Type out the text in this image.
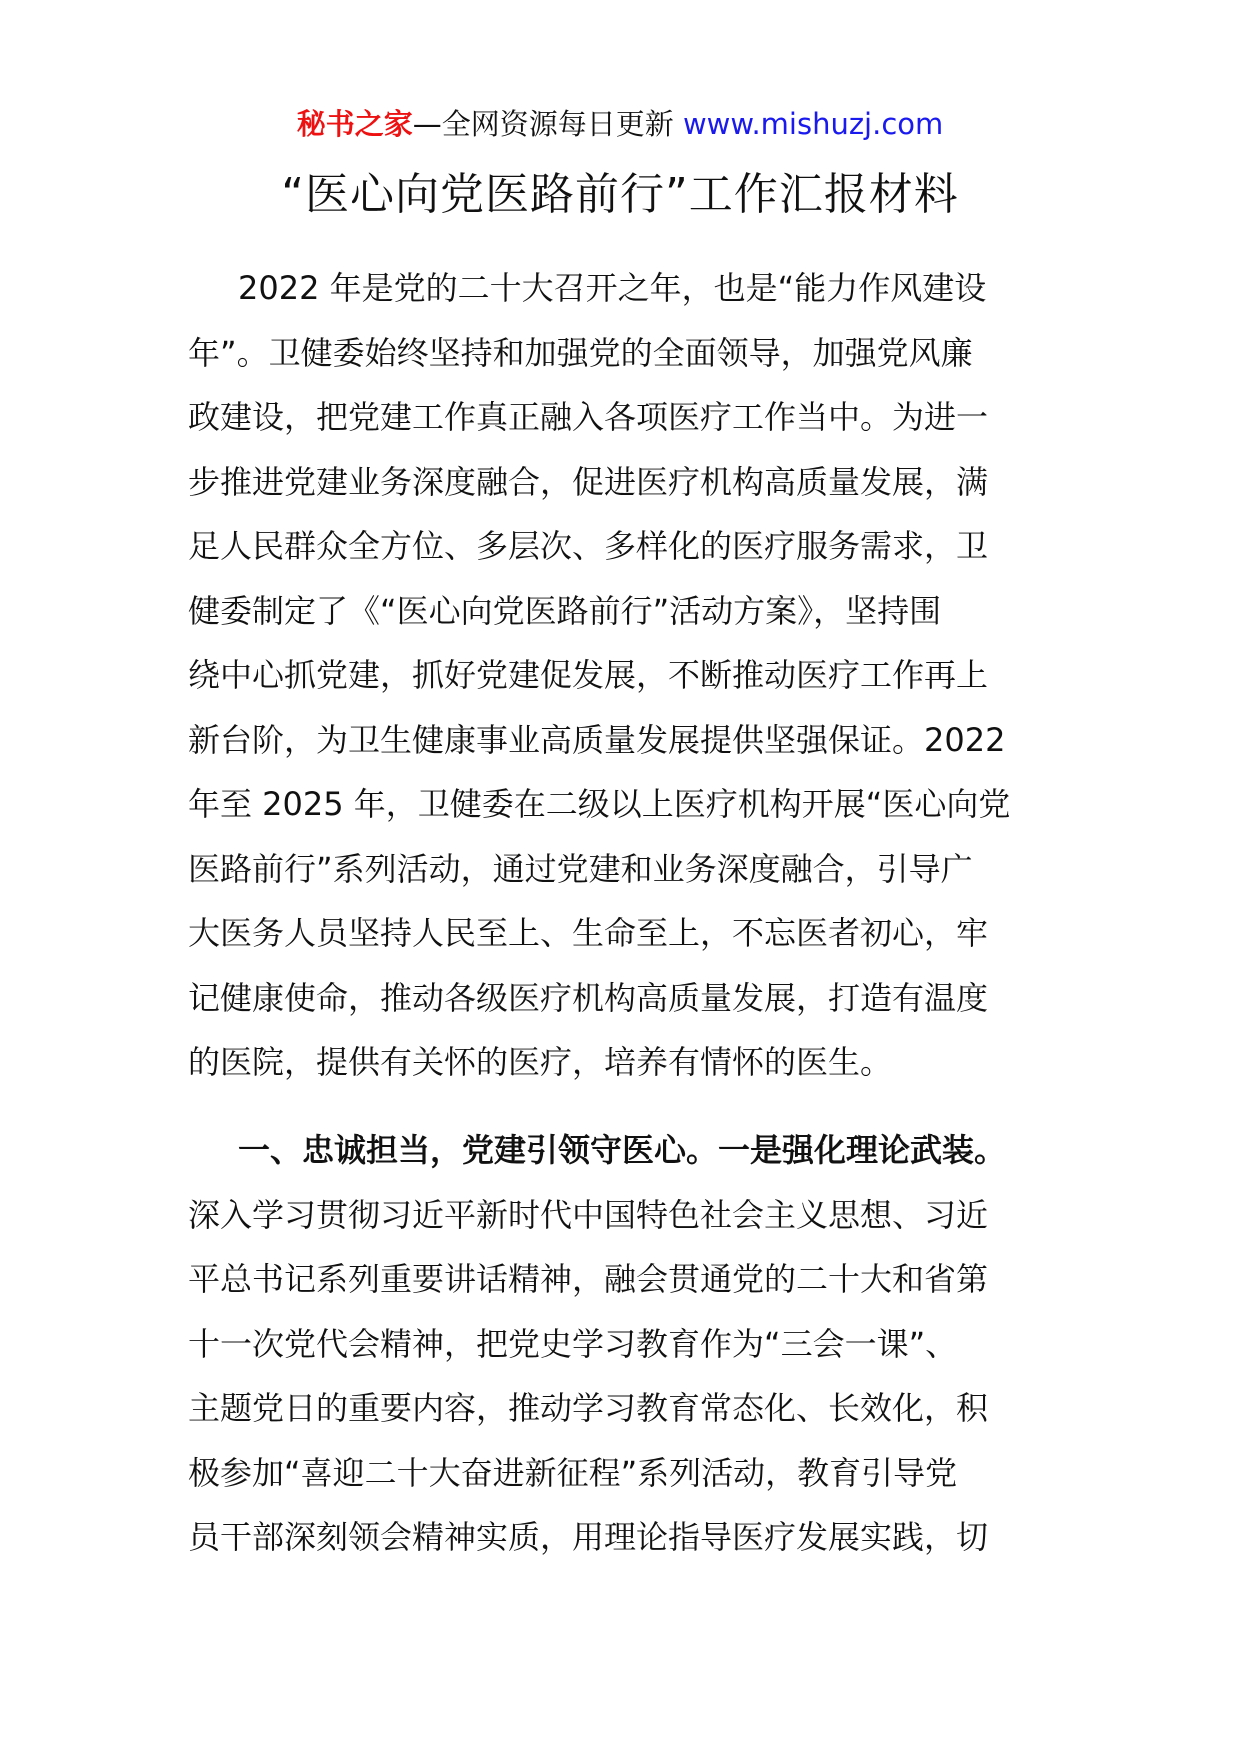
秘书之家—全网资源每日更新 www.mishuzj.com
“医心向党医路前行”工作汇报材料
2022 年是党的二十大召开之年，也是“能力作风建设
年”。卫健委始终坚持和加强党的全面领导，加强党风廉
政建设，把党建工作真正融入各项医疗工作当中。为进一
步推进党建业务深度融合，促进医疗机构高质量发展，满
足人民群众全方位、多层次、多样化的医疗服务需求，卫
健委制定了《“医心向党医路前行”活动方案》，坚持围
绕中心抓党建，抓好党建促发展，不断推动医疗工作再上
新台阶，为卫生健康事业高质量发展提供坚强保证。2022
年至 2025 年，卫健委在二级以上医疗机构开展“医心向党
医路前行”系列活动，通过党建和业务深度融合，引导广
大医务人员坚持人民至上、生命至上，不忘医者初心，牢
记健康使命，推动各级医疗机构高质量发展，打造有温度
的医院，提供有关怀的医疗，培养有情怀的医生。
一、忠诚担当，党建引领守医心。一是强化理论武装。
深入学习贯彻习近平新时代中国特色社会主义思想、习近
平总书记系列重要讲话精神，融会贯通党的二十大和省第
十一次党代会精神，把党史学习教育作为“三会一课”、
主题党日的重要内容，推动学习教育常态化、长效化，积
极参加“喜迎二十大奋进新征程”系列活动，教育引导党
员干部深刻领会精神实质，用理论指导医疗发展实践，切
